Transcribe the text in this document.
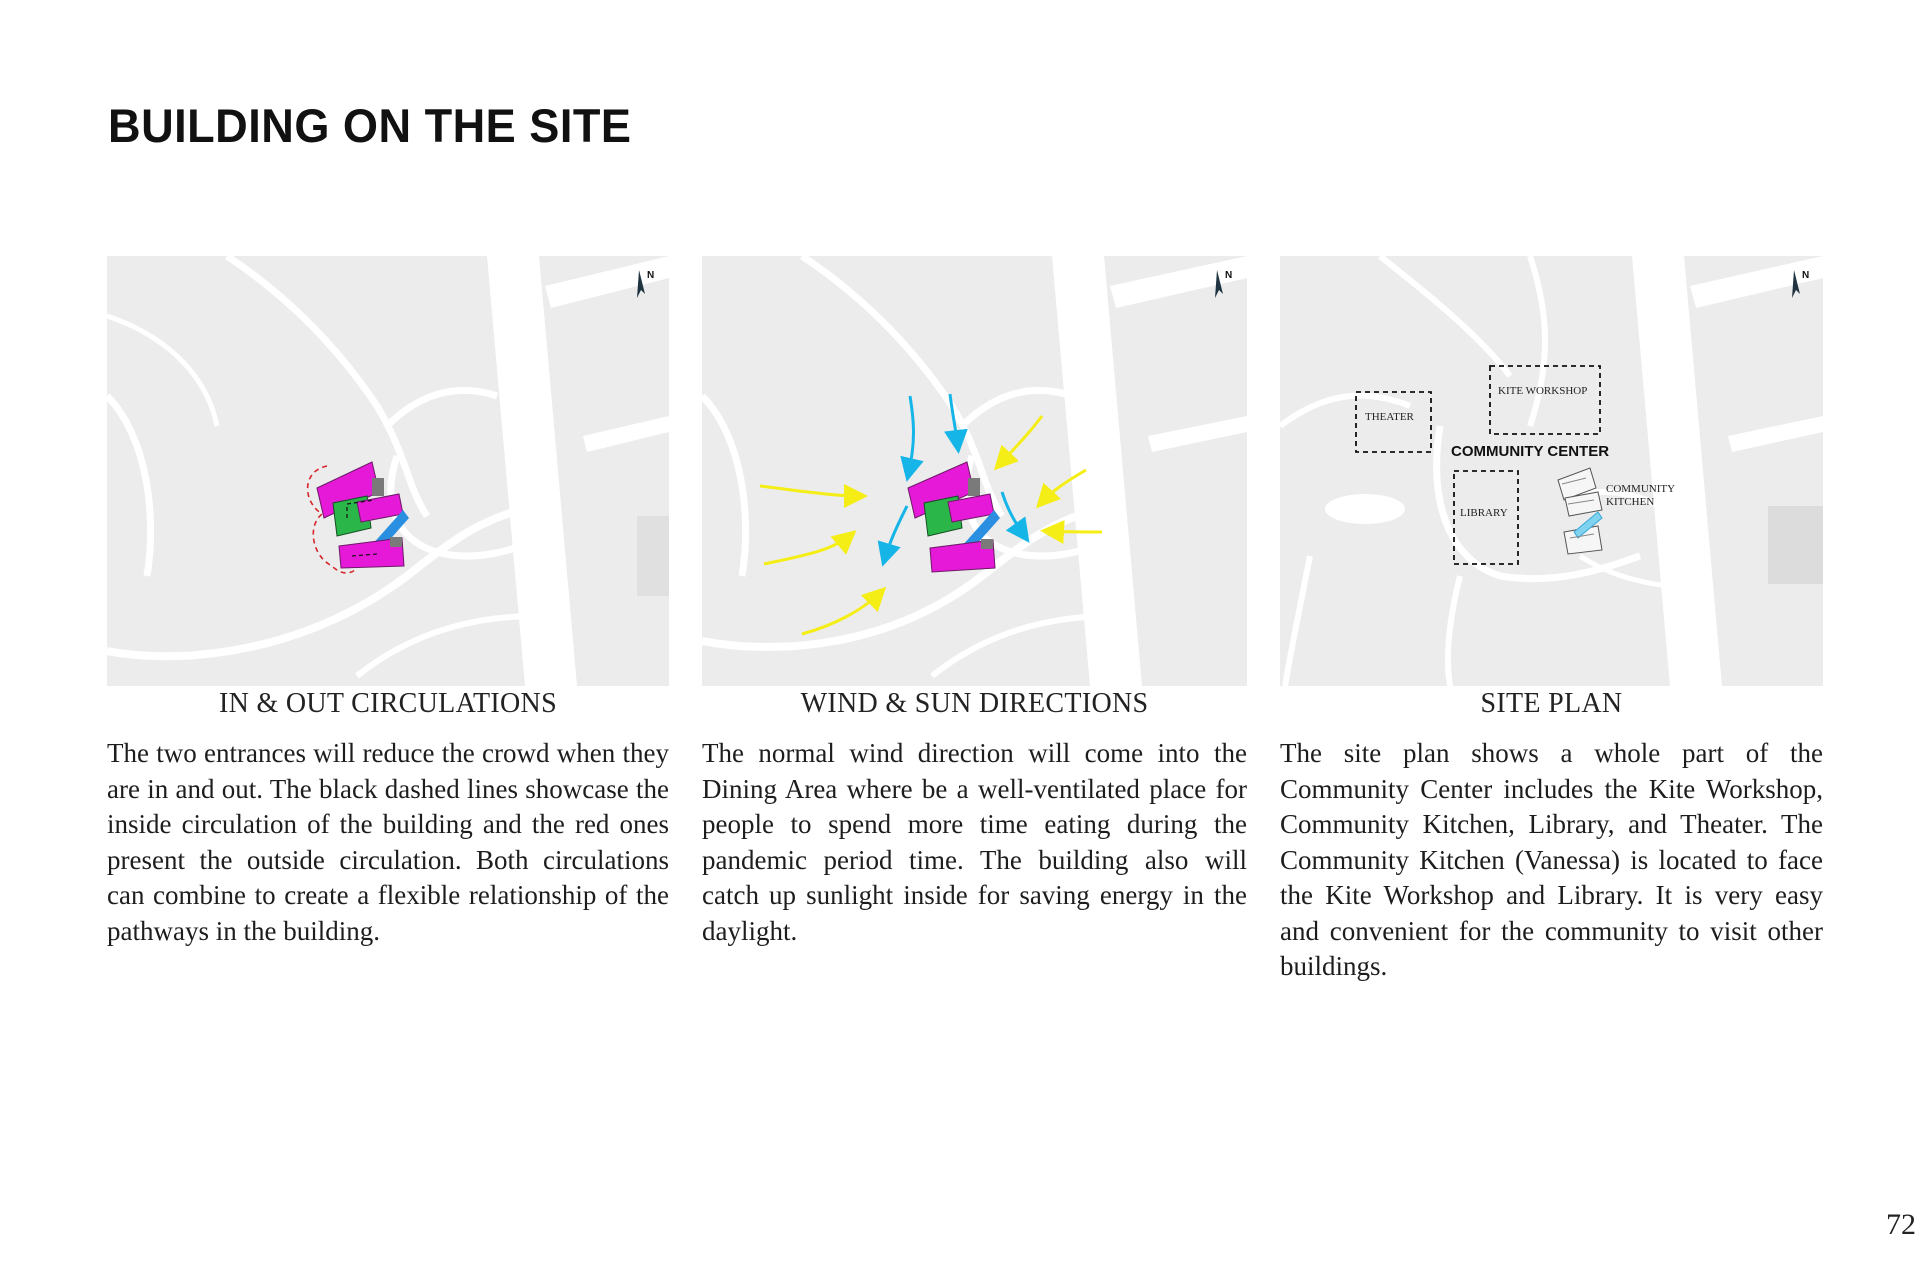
BUILDING ON THE SITE
N
IN & OUT CIRCULATIONS
The two entrances will reduce the crowd when they are in and out. The black dashed lines showcase the inside circulation of the building and the red ones present the outside circulation. Both circulations can combine to create a flexible relationship of the pathways in the building.
N
WIND & SUN DIRECTIONS
The normal wind direction will come into the Dining Area where be a well-ventilated place for people to spend more time eating during the pandemic period time. The building also will catch up sunlight inside for saving energy in the daylight.
THEATER
KITE WORKSHOP
COMMUNITY CENTER
LIBRARY
COMMUNITY
KITCHEN
N
SITE PLAN
The site plan shows a whole part of the Community Center includes the Kite Workshop, Community Kitchen, Library, and Theater. The Community Kitchen (Vanessa) is located to face the Kite Workshop and Library. It is very easy and convenient for the community to visit other buildings.
72
